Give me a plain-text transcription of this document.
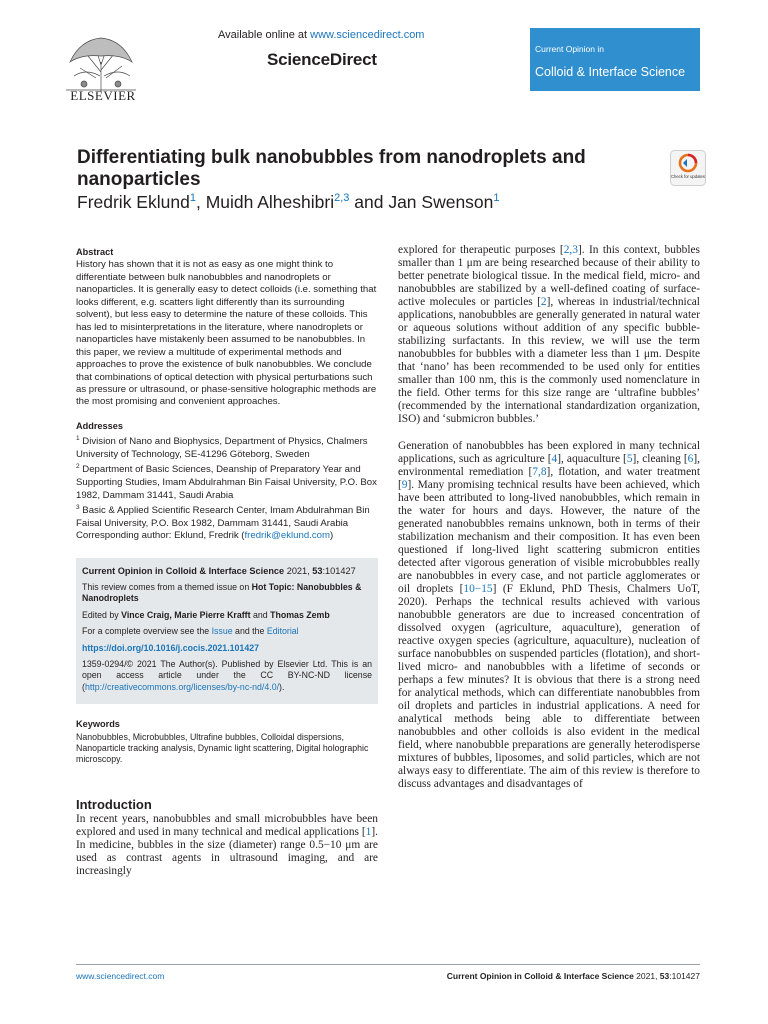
ELSEVIER
Available online at www.sciencedirect.com
ScienceDirect
Current Opinion in
Colloid & Interface Science
Differentiating bulk nanobubbles from nanodroplets and nanoparticles
Fredrik Eklund$^1$, Muidh Alheshibri$^{2,3}$ and Jan Swenson$^1$
Check for updates
Abstract

History has shown that it is not as easy as one might think to differentiate between bulk nanobubbles and nanodroplets or nanoparticles. It is generally easy to detect colloids (i.e. something that looks different, e.g. scatters light differently than its surrounding solvent), but less easy to determine the nature of these colloids. This has led to misinterpretations in the literature, where nanodroplets or nanoparticles have mistakenly been assumed to be nanobubbles. In this paper, we review a multitude of experimental methods and approaches to prove the existence of bulk nanobubbles. We conclude that combinations of optical detection with physical perturbations such as pressure or ultrasound, or phase-sensitive holographic methods are the most promising and convenient approaches.

Addresses

$^1$ Division of Nano and Biophysics, Department of Physics, Chalmers University of Technology, SE-41296 Göteborg, Sweden

$^2$ Department of Basic Sciences, Deanship of Preparatory Year and Supporting Studies, Imam Abdulrahman Bin Faisal University, P.O. Box 1982, Dammam 31441, Saudi Arabia

$^3$ Basic & Applied Scientific Research Center, Imam Abdulrahman Bin Faisal University, P.O. Box 1982, Dammam 31441, Saudi Arabia

Corresponding author: Eklund, Fredrik (fredrik@eklund.com)

Current Opinion in Colloid & Interface Science 2021, 53:101427

This review comes from a themed issue on Hot Topic: Nanobubbles & Nanodroplets

Edited by Vince Craig, Marie Pierre Krafft and Thomas Zemb

For a complete overview see the Issue and the Editorial

https://doi.org/10.1016/j.cocis.2021.101427

1359-0294/© 2021 The Author(s). Published by Elsevier Ltd. This is an open access article under the CC BY-NC-ND license (http://creativecommons.org/licenses/by-nc-nd/4.0/).

Keywords

Nanobubbles, Microbubbles, Ultrafine bubbles, Colloidal dispersions, Nanoparticle tracking analysis, Dynamic light scattering, Digital holographic microscopy.

Introduction

In recent years, nanobubbles and small microbubbles have been explored and used in many technical and medical applications [1]. In medicine, bubbles in the size (diameter) range 0.5−10 μm are used as contrast agents in ultrasound imaging, and are increasingly

explored for therapeutic purposes [2,3]. In this context, bubbles smaller than 1 μm are being researched because of their ability to better penetrate biological tissue. In the medical field, micro- and nanobubbles are stabilized by a well-defined coating of surface-active molecules or particles [2], whereas in industrial/technical applications, nanobubbles are generally generated in natural water or aqueous solutions without addition of any specific bubble-stabilizing surfactants. In this review, we will use the term nanobubbles for bubbles with a diameter less than 1 μm. Despite that ‘nano’ has been recommended to be used only for entities smaller than 100 nm, this is the commonly used nomenclature in the field. Other terms for this size range are ‘ultrafine bubbles’ (recommended by the international standardization organization, ISO) and ‘submicron bubbles.’

Generation of nanobubbles has been explored in many technical applications, such as agriculture [4], aquaculture [5], cleaning [6], environmental remediation [7,8], flotation, and water treatment [9]. Many promising technical results have been achieved, which have been attributed to long-lived nanobubbles, which remain in the water for hours and days. However, the nature of the generated nanobubbles remains unknown, both in terms of their stabilization mechanism and their composition. It has even been questioned if long-lived light scattering submicron entities detected after vigorous generation of visible microbubbles really are nanobubbles in every case, and not particle agglomerates or oil droplets [10−15] (F Eklund, PhD Thesis, Chalmers UoT, 2020). Perhaps the technical results achieved with various nanobubble generators are due to increased concentration of dissolved oxygen (agriculture, aquaculture), generation of reactive oxygen species (agriculture, aquaculture), nucleation of surface nanobubbles on suspended particles (flotation), and short-lived micro- and nanobubbles with a lifetime of seconds or perhaps a few minutes? It is obvious that there is a strong need for analytical methods, which can differentiate nanobubbles from oil droplets and particles in industrial applications. A need for analytical methods being able to differentiate between nanobubbles and other colloids is also evident in the medical field, where nanobubble preparations are generally heterodisperse mixtures of bubbles, liposomes, and solid particles, which are not always easy to differentiate. The aim of this review is therefore to discuss advantages and disadvantages of

www.sciencedirect.com	Current Opinion in Colloid & Interface Science 2021, 53:101427
